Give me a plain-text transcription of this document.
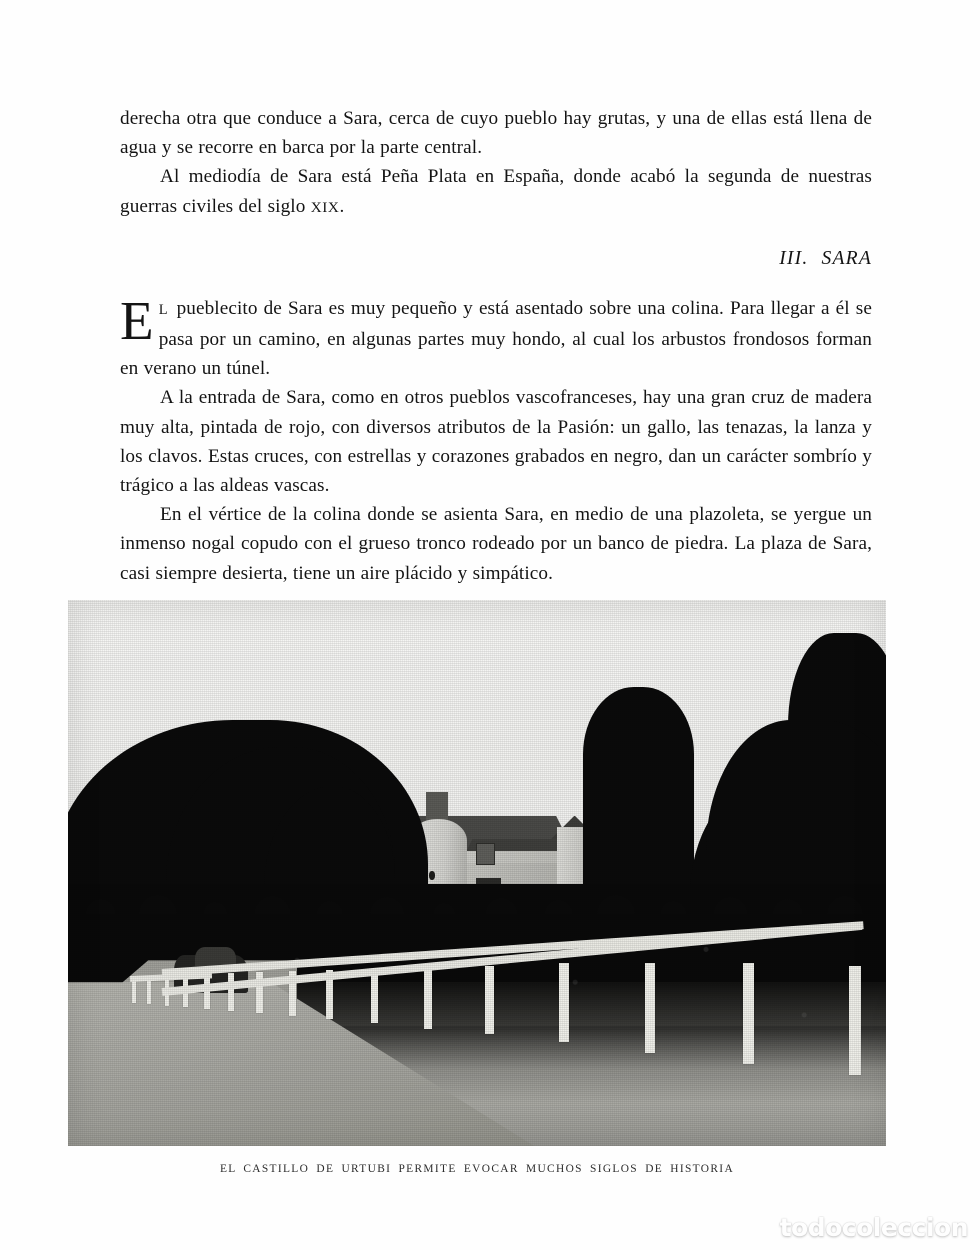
derecha otra que conduce a Sara, cerca de cuyo pueblo hay grutas, y una de ellas está llena de agua y se recorre en barca por la parte central.

Al mediodía de Sara está Peña Plata en España, donde acabó la segunda de nuestras guerras civiles del siglo XIX.

III. SARA

E L pueblecito de Sara es muy pequeño y está asentado sobre una colina. Para llegar a él se pasa por un camino, en algunas partes muy hondo, al cual los arbustos frondosos forman en verano un túnel.

A la entrada de Sara, como en otros pueblos vascofranceses, hay una gran cruz de madera muy alta, pintada de rojo, con diversos atributos de la Pasión: un gallo, las tenazas, la lanza y los clavos. Estas cruces, con estrellas y corazones grabados en negro, dan un carácter sombrío y trágico a las aldeas vascas.

En el vértice de la colina donde se asienta Sara, en medio de una plazoleta, se yergue un inmenso nogal copudo con el grueso tronco rodeado por un banco de piedra. La plaza de Sara, casi siempre desierta, tiene un aire plácido y simpático.

EL CASTILLO DE URTUBI PERMITE EVOCAR MUCHOS SIGLOS DE HISTORIA
todocoleccion
